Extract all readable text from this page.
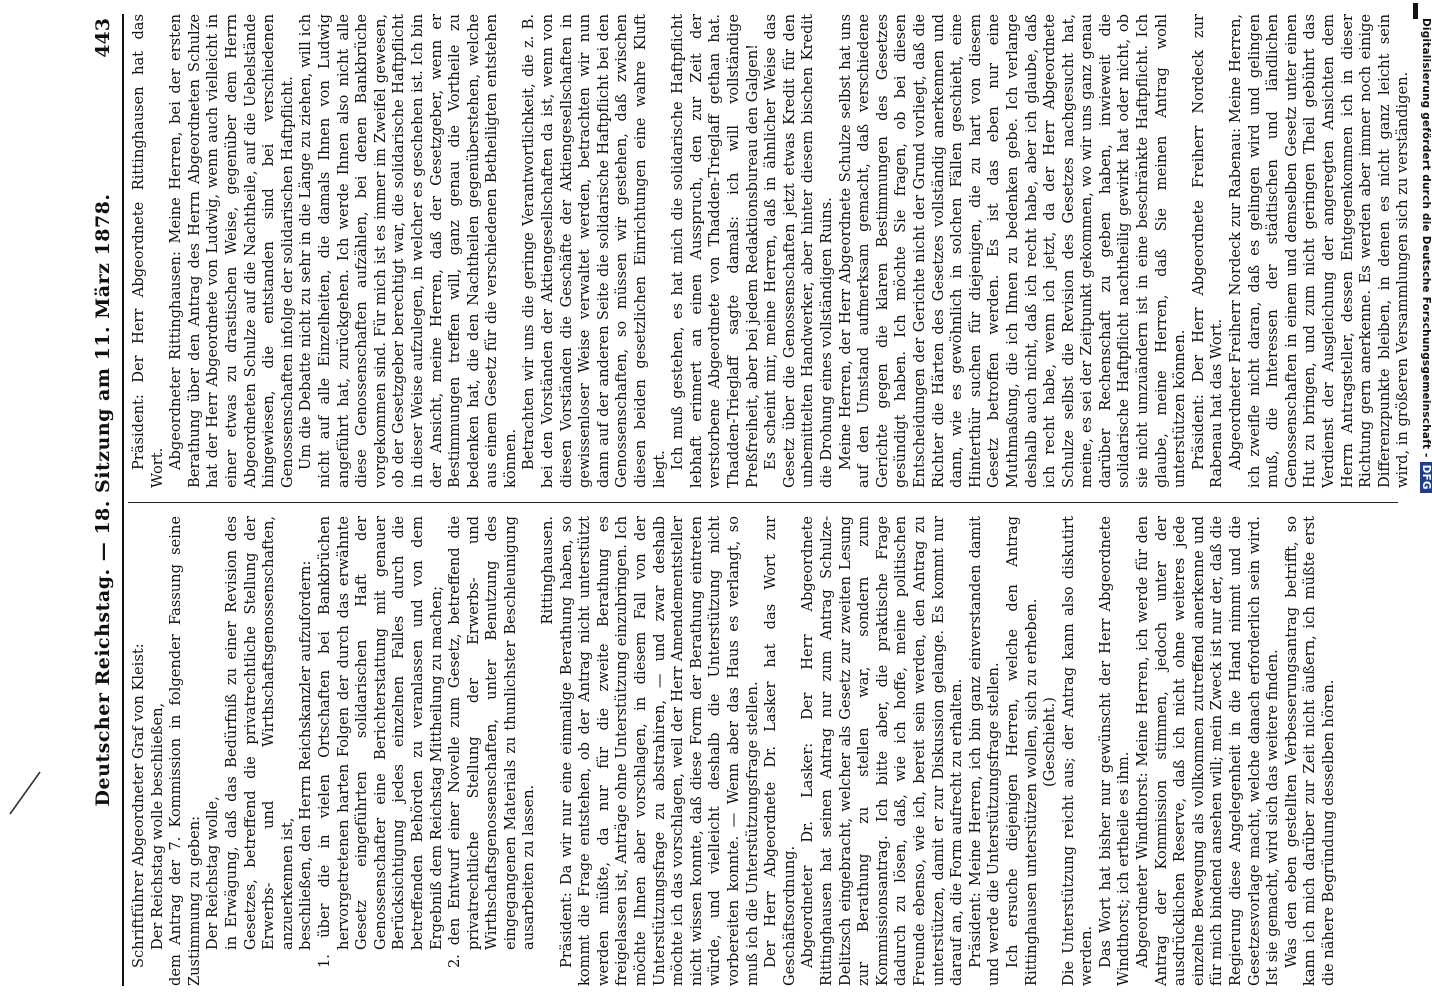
Deutscher Reichstag. — 18. Sitzung am 11. März 1878.
443

Schriftführer Abgeordneter Graf von Kleist: Der Reichstag wolle beschließen, dem Antrag der 7. Kommission in folgender Fassung seine Zustimmung zu geben: Der Reichstag wolle, in Erwägung, daß das Bedürfniß zu einer Revision des Gesetzes, betreffend die privatrechtliche Stellung der Erwerbs- und Wirthschaftsgenossenschaften, anzuerkennen ist, beschließen, den Herrn Reichskanzler aufzufordern: 1. über die in vielen Ortschaften bei Bankbrüchen hervorgetretenen harten Folgen der durch das erwähnte Gesetz eingeführten solidarischen Haft der Genossenschafter eine Berichterstattung mit genauer Berücksichtigung jedes einzelnen Falles durch die betreffenden Behörden zu veranlassen und von dem Ergebniß dem Reichstag Mittheilung zu machen; 2. den Entwurf einer Novelle zum Gesetz, betreffend die privatrechtliche Stellung der Erwerbs- und Wirthschaftsgenossenschaften, unter Benutzung des eingegangenen Materials zu thunlichster Beschleunigung ausarbeiten zu lassen.

Rittinghausen. Präsident: Da wir nur eine einmalige Berathung haben, so kommt die Frage entstehen, ob der Antrag nicht unterstützt werden müßte, da nur für die zweite Berathung es freigelassen ist, Anträge ohne Unterstützung einzubringen. Ich möchte Ihnen aber vorschlagen, in diesem Fall von der Unterstützungsfrage zu abstrahiren, — und zwar deshalb möchte ich das vorschlagen, weil der Herr Amendementsteller nicht wissen konnte, daß diese Form der Berathung eintreten würde, und vielleicht deshalb die Unterstützung nicht vorbereiten konnte. — Wenn aber das Haus es verlangt, so muß ich die Unterstützungsfrage stellen. Der Herr Abgeordnete Dr. Lasker hat das Wort zur Geschäftsordnung. Abgeordneter Dr. Lasker: Der Herr Abgeordnete Rittinghausen hat seinen Antrag nur zum Antrag Schulze-Delitzsch eingebracht, welcher als Gesetz zur zweiten Lesung zur Berathung zu stellen war, sondern zum Kommissionsantrag. Ich bitte aber, die praktische Frage dadurch zu lösen, daß, wie ich hoffe, meine politischen Freunde ebenso, wie ich, bereit sein werden, den Antrag zu unterstützen, damit er zur Diskussion gelange. Es kommt nur darauf an, die Form aufrecht zu erhalten. Präsident: Meine Herren, ich bin ganz einverstanden damit und werde die Unterstützungsfrage stellen. Ich ersuche diejenigen Herren, welche den Antrag Rittinghausen unterstützen wollen, sich zu erheben. (Geschieht.) Die Unterstützung reicht aus; der Antrag kann also diskutirt werden. Das Wort hat bisher nur gewünscht der Herr Abgeordnete Windthorst; ich ertheile es ihm. Abgeordneter Windthorst: Meine Herren, ich werde für den Antrag der Kommission stimmen, jedoch unter der ausdrücklichen Reserve, daß ich nicht ohne weiteres jede einzelne Bewegung als vollkommen zutreffend anerkenne und für mich bindend ansehen will; mein Zweck ist nur der, daß die Regierung diese Angelegenheit in die Hand nimmt und die Gesetzesvorlage macht, welche danach erforderlich sein wird. Ist sie gemacht, wird sich das weitere finden. Was den eben gestellten Verbesserungsantrag betrifft, so kann ich mich darüber zur Zeit nicht äußern, ich müßte erst die nähere Begründung desselben hören.

Präsident: Der Herr Abgeordnete Rittinghausen hat das Wort. Abgeordneter Rittinghausen: Meine Herren, bei der ersten Berathung über den Antrag des Herrn Abgeordneten Schulze hat der Herr Abgeordnete von Ludwig, wenn auch vielleicht in einer etwas zu drastischen Weise, gegenüber dem Herrn Abgeordneten Schulze auf die Nachtheile, auf die Uebelstände hingewiesen, die entstanden sind bei verschiedenen Genossenschaften infolge der solidarischen Haftpflicht. Um die Debatte nicht zu sehr in die Länge zu ziehen, will ich nicht auf alle Einzelheiten, die damals Ihnen von Ludwig angeführt hat, zurückgehen. Ich werde Ihnen also nicht alle diese Genossenschaften aufzählen, bei denen Bankbrüche vorgekommen sind. Für mich ist es immer im Zweifel gewesen, ob der Gesetzgeber berechtigt war, die solidarische Haftpflicht in dieser Weise aufzulegen, in welcher es geschehen ist. Ich bin der Ansicht, meine Herren, daß der Gesetzgeber, wenn er Bestimmungen treffen will, ganz genau die Vortheile zu bedenken hat, die den Nachtheilen gegenüberstehen, welche aus einem Gesetz für die verschiedenen Betheiligten entstehen können. Betrachten wir uns die geringe Verantwortlichkeit, die z. B. bei den Vorständen der Aktiengesellschaften da ist, wenn von diesen Vorständen die Geschäfte der Aktiengesellschaften in gewissenloser Weise verwaltet werden, betrachten wir nun dann auf der anderen Seite die solidarische Haftpflicht bei den Genossenschaften, so müssen wir gestehen, daß zwischen diesen beiden gesetzlichen Einrichtungen eine wahre Kluft liegt. Ich muß gestehen, es hat mich die solidarische Haftpflicht lebhaft erinnert an einen Ausspruch, den zur Zeit der verstorbene Abgeordnete von Thadden-Trieglaff gethan hat. Thadden-Trieglaff sagte damals: ich will vollständige Preßfreiheit, aber bei jedem Redaktionsbureau den Galgen! Es scheint mir, meine Herren, daß in ähnlicher Weise das Gesetz über die Genossenschaften jetzt etwas Kredit für den unbemittelten Handwerker, aber hinter diesem bischen Kredit die Drohung eines vollständigen Ruins. Meine Herren, der Herr Abgeordnete Schulze selbst hat uns auf den Umstand aufmerksam gemacht, daß verschiedene Gerichte gegen die klaren Bestimmungen des Gesetzes gesündigt haben. Ich möchte Sie fragen, ob bei diesen Entscheidungen der Gerichte nicht der Grund vorliegt, daß die Richter die Härten des Gesetzes vollständig anerkennen und dann, wie es gewöhnlich in solchen Fällen geschieht, eine Hinterthür suchen für diejenigen, die zu hart von diesem Gesetz betroffen werden. Es ist das eben nur eine Muthmaßung, die ich Ihnen zu bedenken gebe. Ich verlange deshalb auch nicht, daß ich recht habe, aber ich glaube, daß ich recht habe, wenn ich jetzt, da der Herr Abgeordnete Schulze selbst die Revision des Gesetzes nachgesucht hat, meine, es sei der Zeitpunkt gekommen, wo wir uns ganz genau darüber Rechenschaft zu geben haben, inwieweit die solidarische Haftpflicht nachtheilig gewirkt hat oder nicht, ob sie nicht umzuändern ist in eine beschränkte Haftpflicht. Ich glaube, meine Herren, daß Sie meinen Antrag wohl unterstützen können. Präsident: Der Herr Abgeordnete Freiherr Nordeck zur Rabenau hat das Wort. Abgeordneter Freiherr Nordeck zur Rabenau: Meine Herren, ich zweifle nicht daran, daß es gelingen wird und gelingen muß, die Interessen der städtischen und ländlichen Genossenschaften in einem und demselben Gesetz unter einen Hut zu bringen, und zum nicht geringen Theil gebührt das Verdienst der Ausgleichung der angeregten Ansichten dem Herrn Antragsteller, dessen Entgegenkommen ich in dieser Richtung gern anerkenne. Es werden aber immer noch einige Differenzpunkte bleiben, in denen es nicht ganz leicht sein wird, in größeren Versammlungen sich zu verständigen. Digitalisierung gefördert durch die Deutsche Forschungsgemeinschaft -DFG
